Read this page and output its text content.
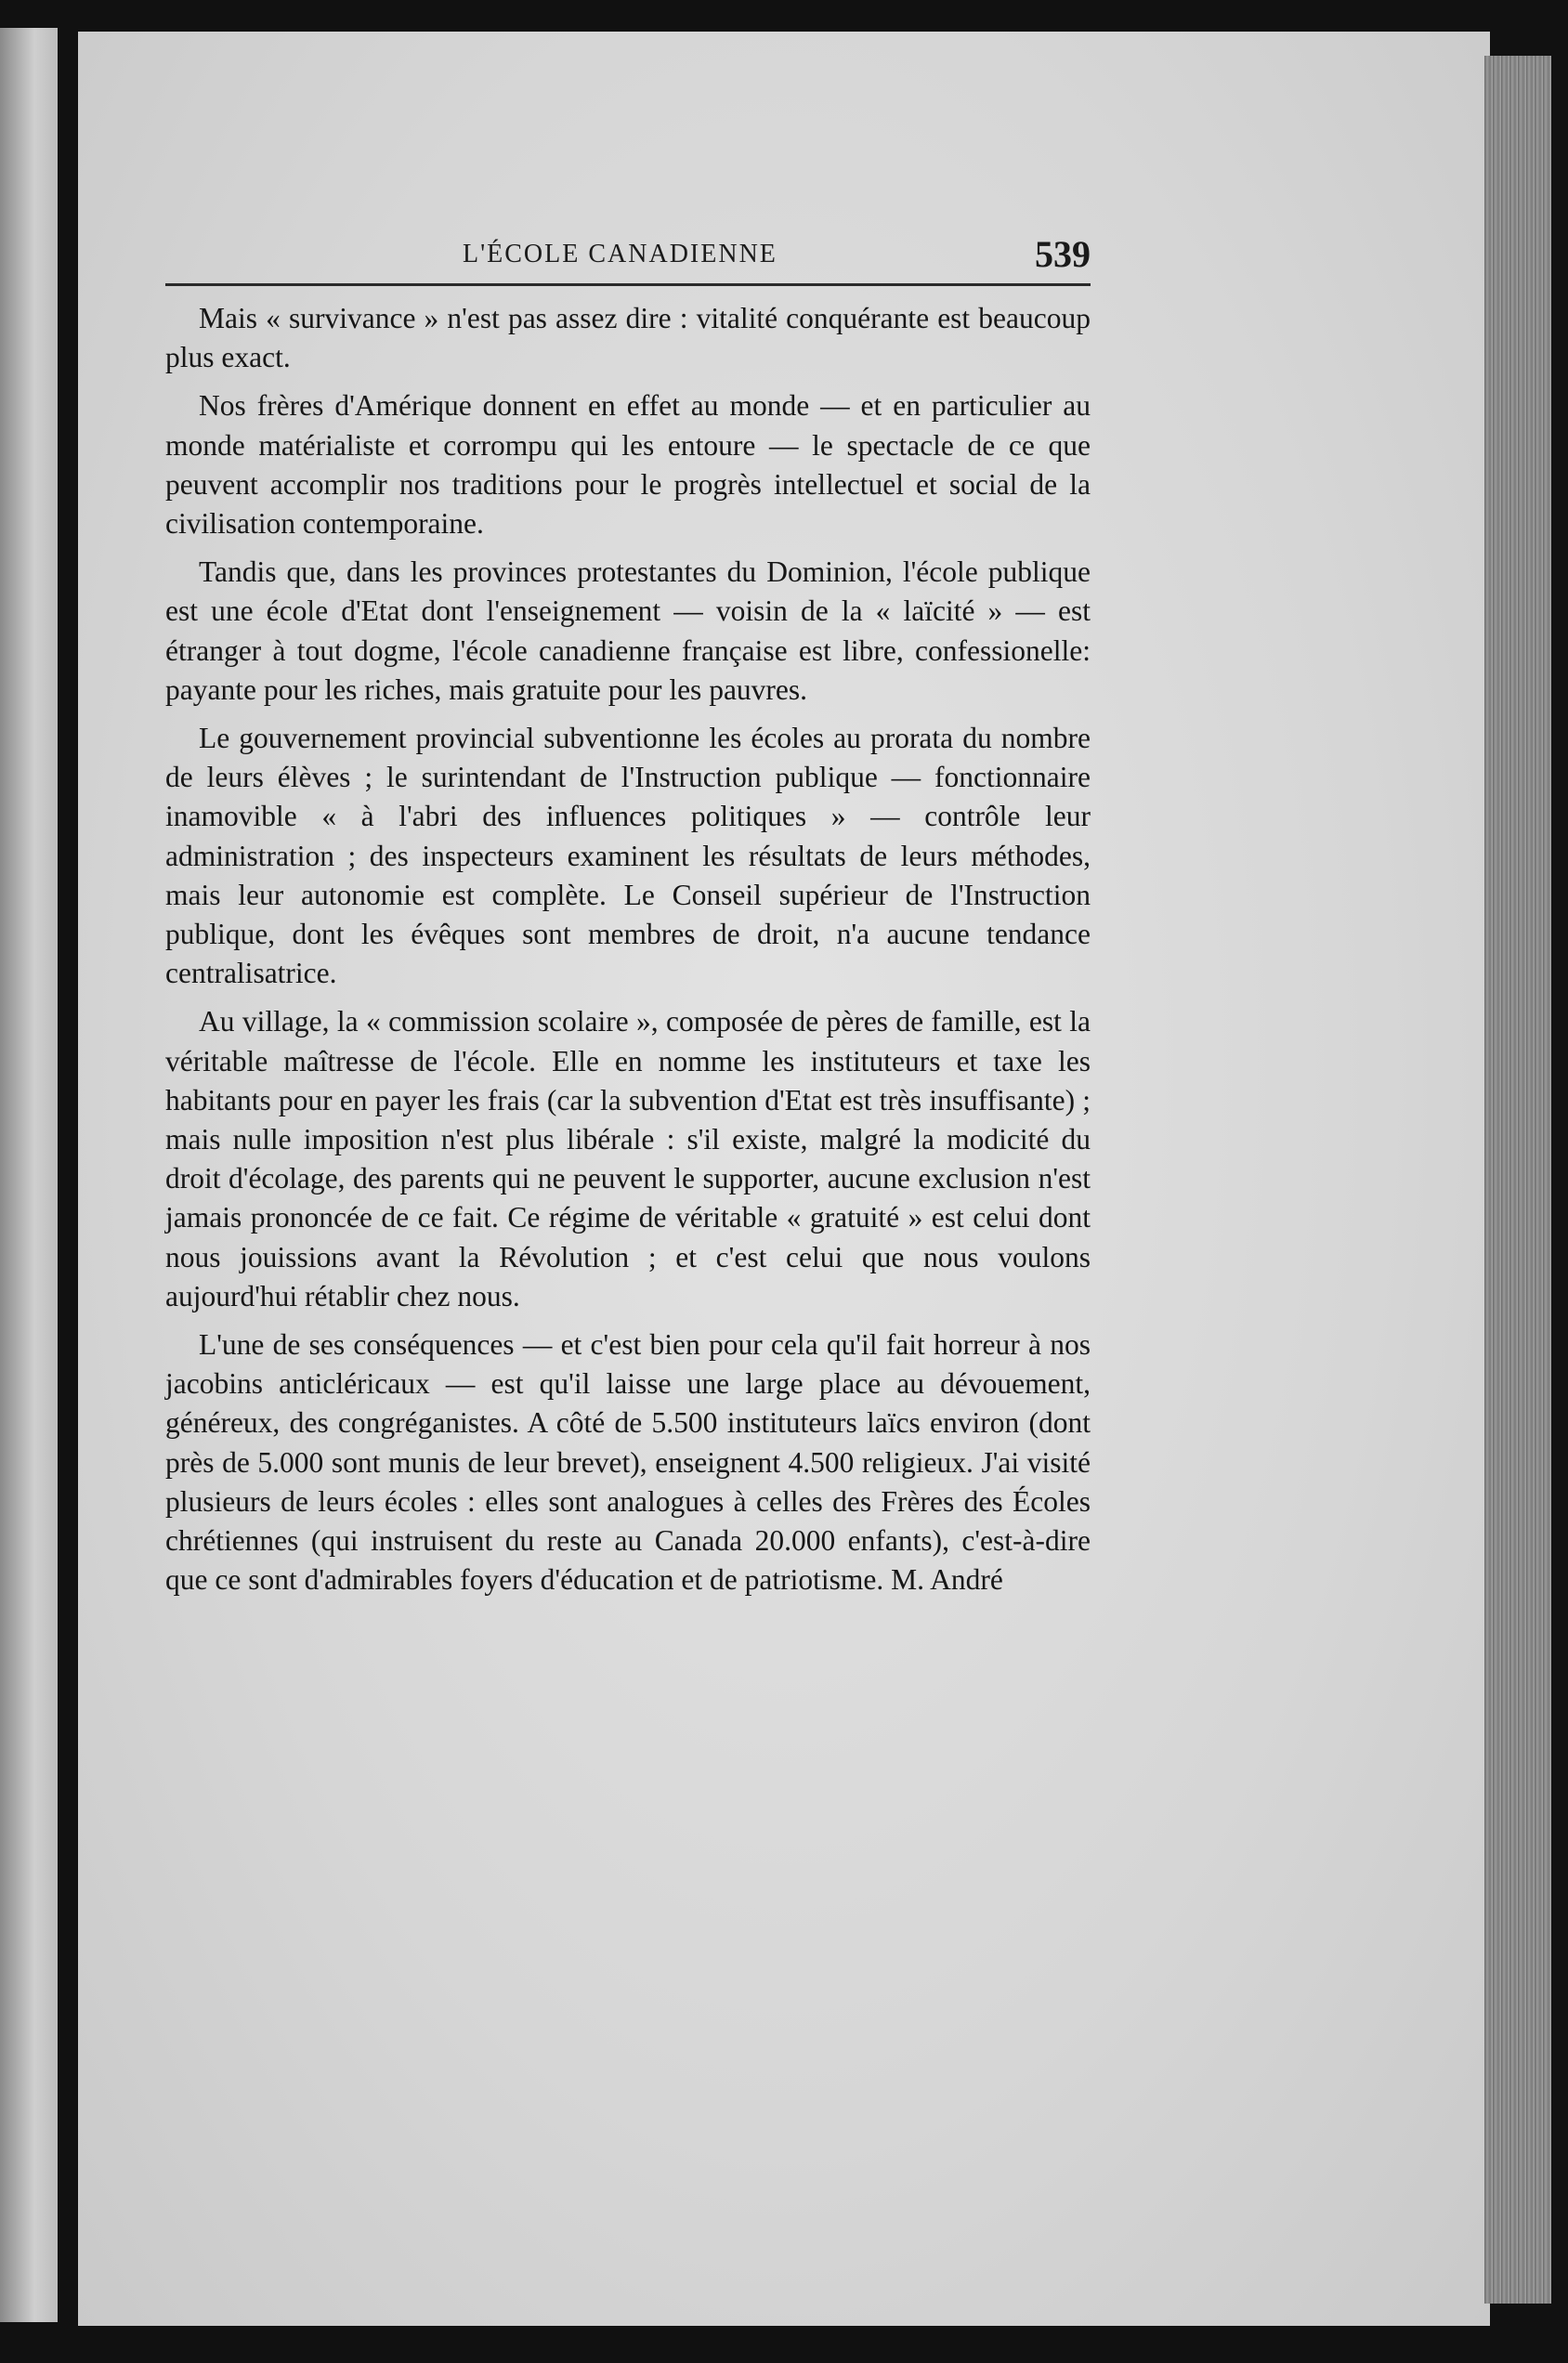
L'ÉCOLE CANADIENNE	539

Mais « survivance » n'est pas assez dire : vitalité conquérante est beaucoup plus exact.

Nos frères d'Amérique donnent en effet au monde — et en particulier au monde matérialiste et corrompu qui les entoure — le spectacle de ce que peuvent accomplir nos traditions pour le progrès intellectuel et social de la civilisation contemporaine.

Tandis que, dans les provinces protestantes du Dominion, l'école publique est une école d'Etat dont l'enseignement — voisin de la « laïcité » — est étranger à tout dogme, l'école canadienne française est libre, confessionelle: payante pour les riches, mais gratuite pour les pauvres.

Le gouvernement provincial subventionne les écoles au prorata du nombre de leurs élèves ; le surintendant de l'Instruction publique — fonctionnaire inamovible « à l'abri des influences politiques » — contrôle leur administration ; des inspecteurs examinent les résultats de leurs méthodes, mais leur autonomie est complète. Le Conseil supérieur de l'Instruction publique, dont les évêques sont membres de droit, n'a aucune tendance centralisatrice.

Au village, la « commission scolaire », composée de pères de famille, est la véritable maîtresse de l'école. Elle en nomme les instituteurs et taxe les habitants pour en payer les frais (car la subvention d'Etat est très insuffisante) ; mais nulle imposition n'est plus libérale : s'il existe, malgré la modicité du droit d'écolage, des parents qui ne peuvent le supporter, aucune exclusion n'est jamais prononcée de ce fait. Ce régime de véritable « gratuité » est celui dont nous jouissions avant la Révolution ; et c'est celui que nous voulons aujourd'hui rétablir chez nous.

L'une de ses conséquences — et c'est bien pour cela qu'il fait horreur à nos jacobins anticléricaux — est qu'il laisse une large place au dévouement, généreux, des congréganistes. A côté de 5.500 instituteurs laïcs environ (dont près de 5.000 sont munis de leur brevet), enseignent 4.500 religieux. J'ai visité plusieurs de leurs écoles : elles sont analogues à celles des Frères des Écoles chrétiennes (qui instruisent du reste au Canada 20.000 enfants), c'est-à-dire que ce sont d'admirables foyers d'éducation et de patriotisme. M. André
